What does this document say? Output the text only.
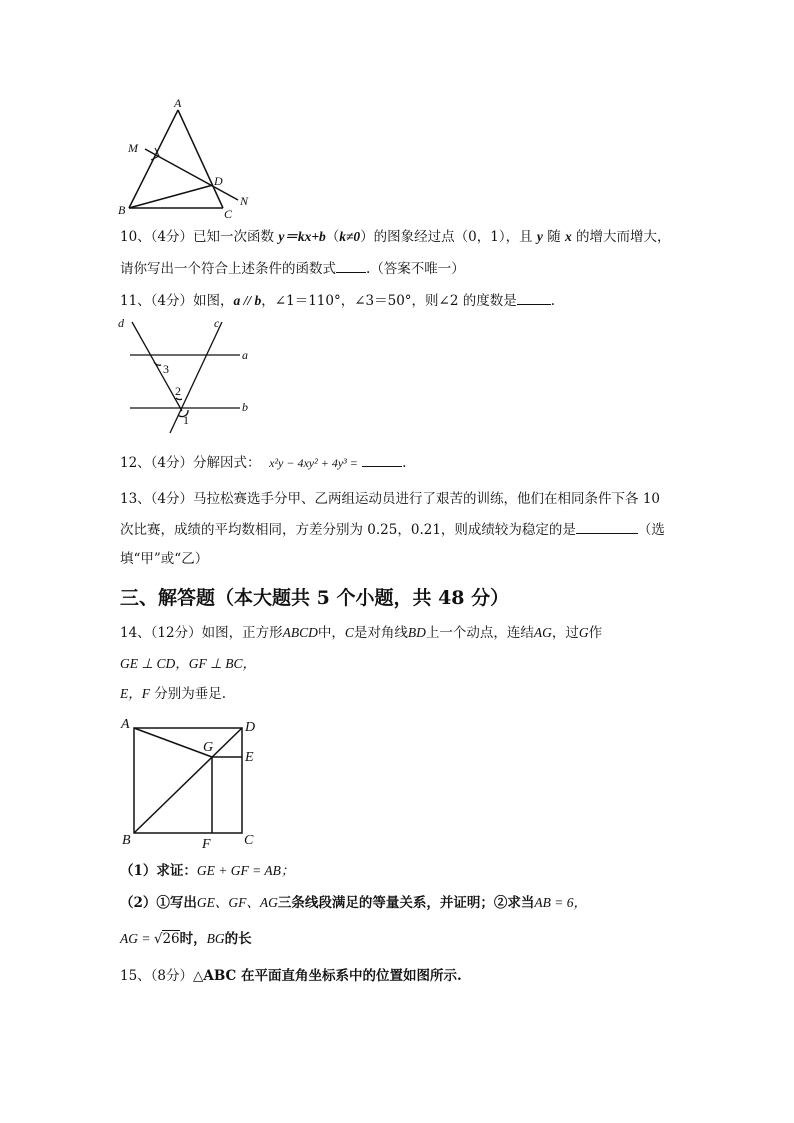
A
M
D
N
B	C
10、（4分）已知一次函数 y＝kx+b（k≠0）的图象经过点（0，1），且 y 随 x 的增大而增大，
请你写出一个符合上述条件的函数式 .（答案不唯一）
11、（4分）如图，a // b，∠1＝110°，∠3＝50°，则∠2 的度数是	.
d	c
a
b
3
2
1
12、（4分）分解因式： x²y − 4xy² + 4y³ =	.
13、（4分）马拉松赛选手分甲、乙两组运动员进行了艰苦的训练，他们在相同条件下各 10
次比赛，成绩的平均数相同，方差分别为 0.25，0.21，则成绩较为稳定的是	（选
填“甲”或“乙）
三、解答题（本大题共 5 个小题，共 48 分）
14、（12分）如图，正方形ABCD中，C是对角线BD上一个动点，连结AG，过G作
GE ⊥ CD，GF ⊥ BC，
E，F 分别为垂足.
A	D
G
E
B	F C
（1）求证：GE + GF = AB；
（2）①写出GE、GF、AG三条线段满足的等量关系，并证明；②求当AB = 6，
AG = √26时，BG的长
15、（8分）△ABC 在平面直角坐标系中的位置如图所示.
